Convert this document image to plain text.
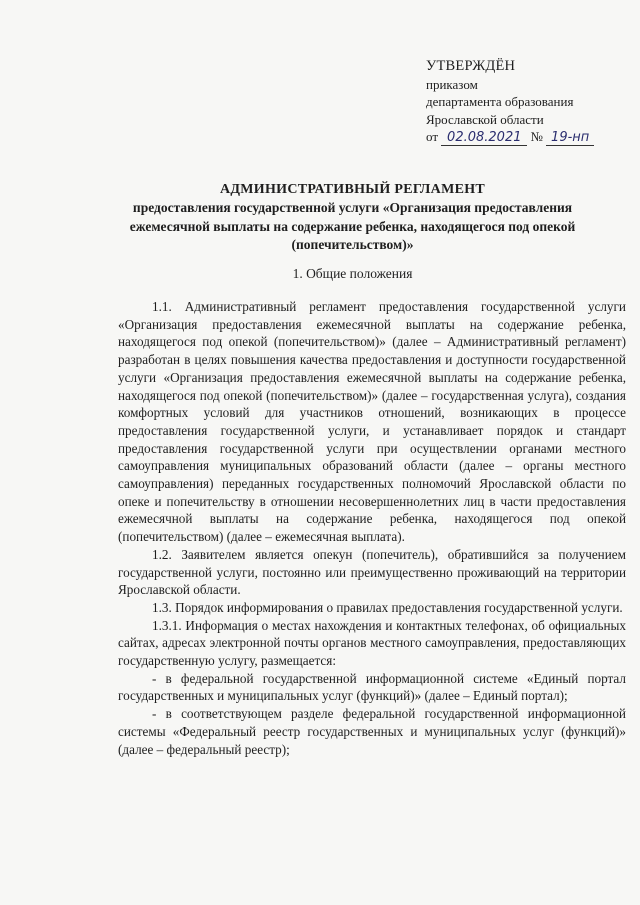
УТВЕРЖДЁН
приказом
департамента образования
Ярославской области
от 02.08.2021 № 19-нп
АДМИНИСТРАТИВНЫЙ РЕГЛАМЕНТ
предоставления государственной услуги «Организация предоставления ежемесячной выплаты на содержание ребенка, находящегося под опекой (попечительством)»
1. Общие положения

1.1. Административный регламент предоставления государственной услуги «Организация предоставления ежемесячной выплаты на содержание ребенка, находящегося под опекой (попечительством)» (далее – Административный регламент) разработан в целях повышения качества предоставления и доступности государственной услуги «Организация предоставления ежемесячной выплаты на содержание ребенка, находящегося под опекой (попечительством)» (далее – государственная услуга), создания комфортных условий для участников отношений, возникающих в процессе предоставления государственной услуги, и устанавливает порядок и стандарт предоставления государственной услуги при осуществлении органами местного самоуправления муниципальных образований области (далее – органы местного самоуправления) переданных государственных полномочий Ярославской области по опеке и попечительству в отношении несовершеннолетних лиц в части предоставления ежемесячной выплаты на содержание ребенка, находящегося под опекой (попечительством) (далее – ежемесячная выплата).

1.2. Заявителем является опекун (попечитель), обратившийся за получением государственной услуги, постоянно или преимущественно проживающий на территории Ярославской области.

1.3. Порядок информирования о правилах предоставления государственной услуги.

1.3.1. Информация о местах нахождения и контактных телефонах, об официальных сайтах, адресах электронной почты органов местного самоуправления, предоставляющих государственную услугу, размещается:

- в федеральной государственной информационной системе «Единый портал государственных и муниципальных услуг (функций)» (далее – Единый портал);

- в соответствующем разделе федеральной государственной информационной системы «Федеральный реестр государственных и муниципальных услуг (функций)» (далее – федеральный реестр);
